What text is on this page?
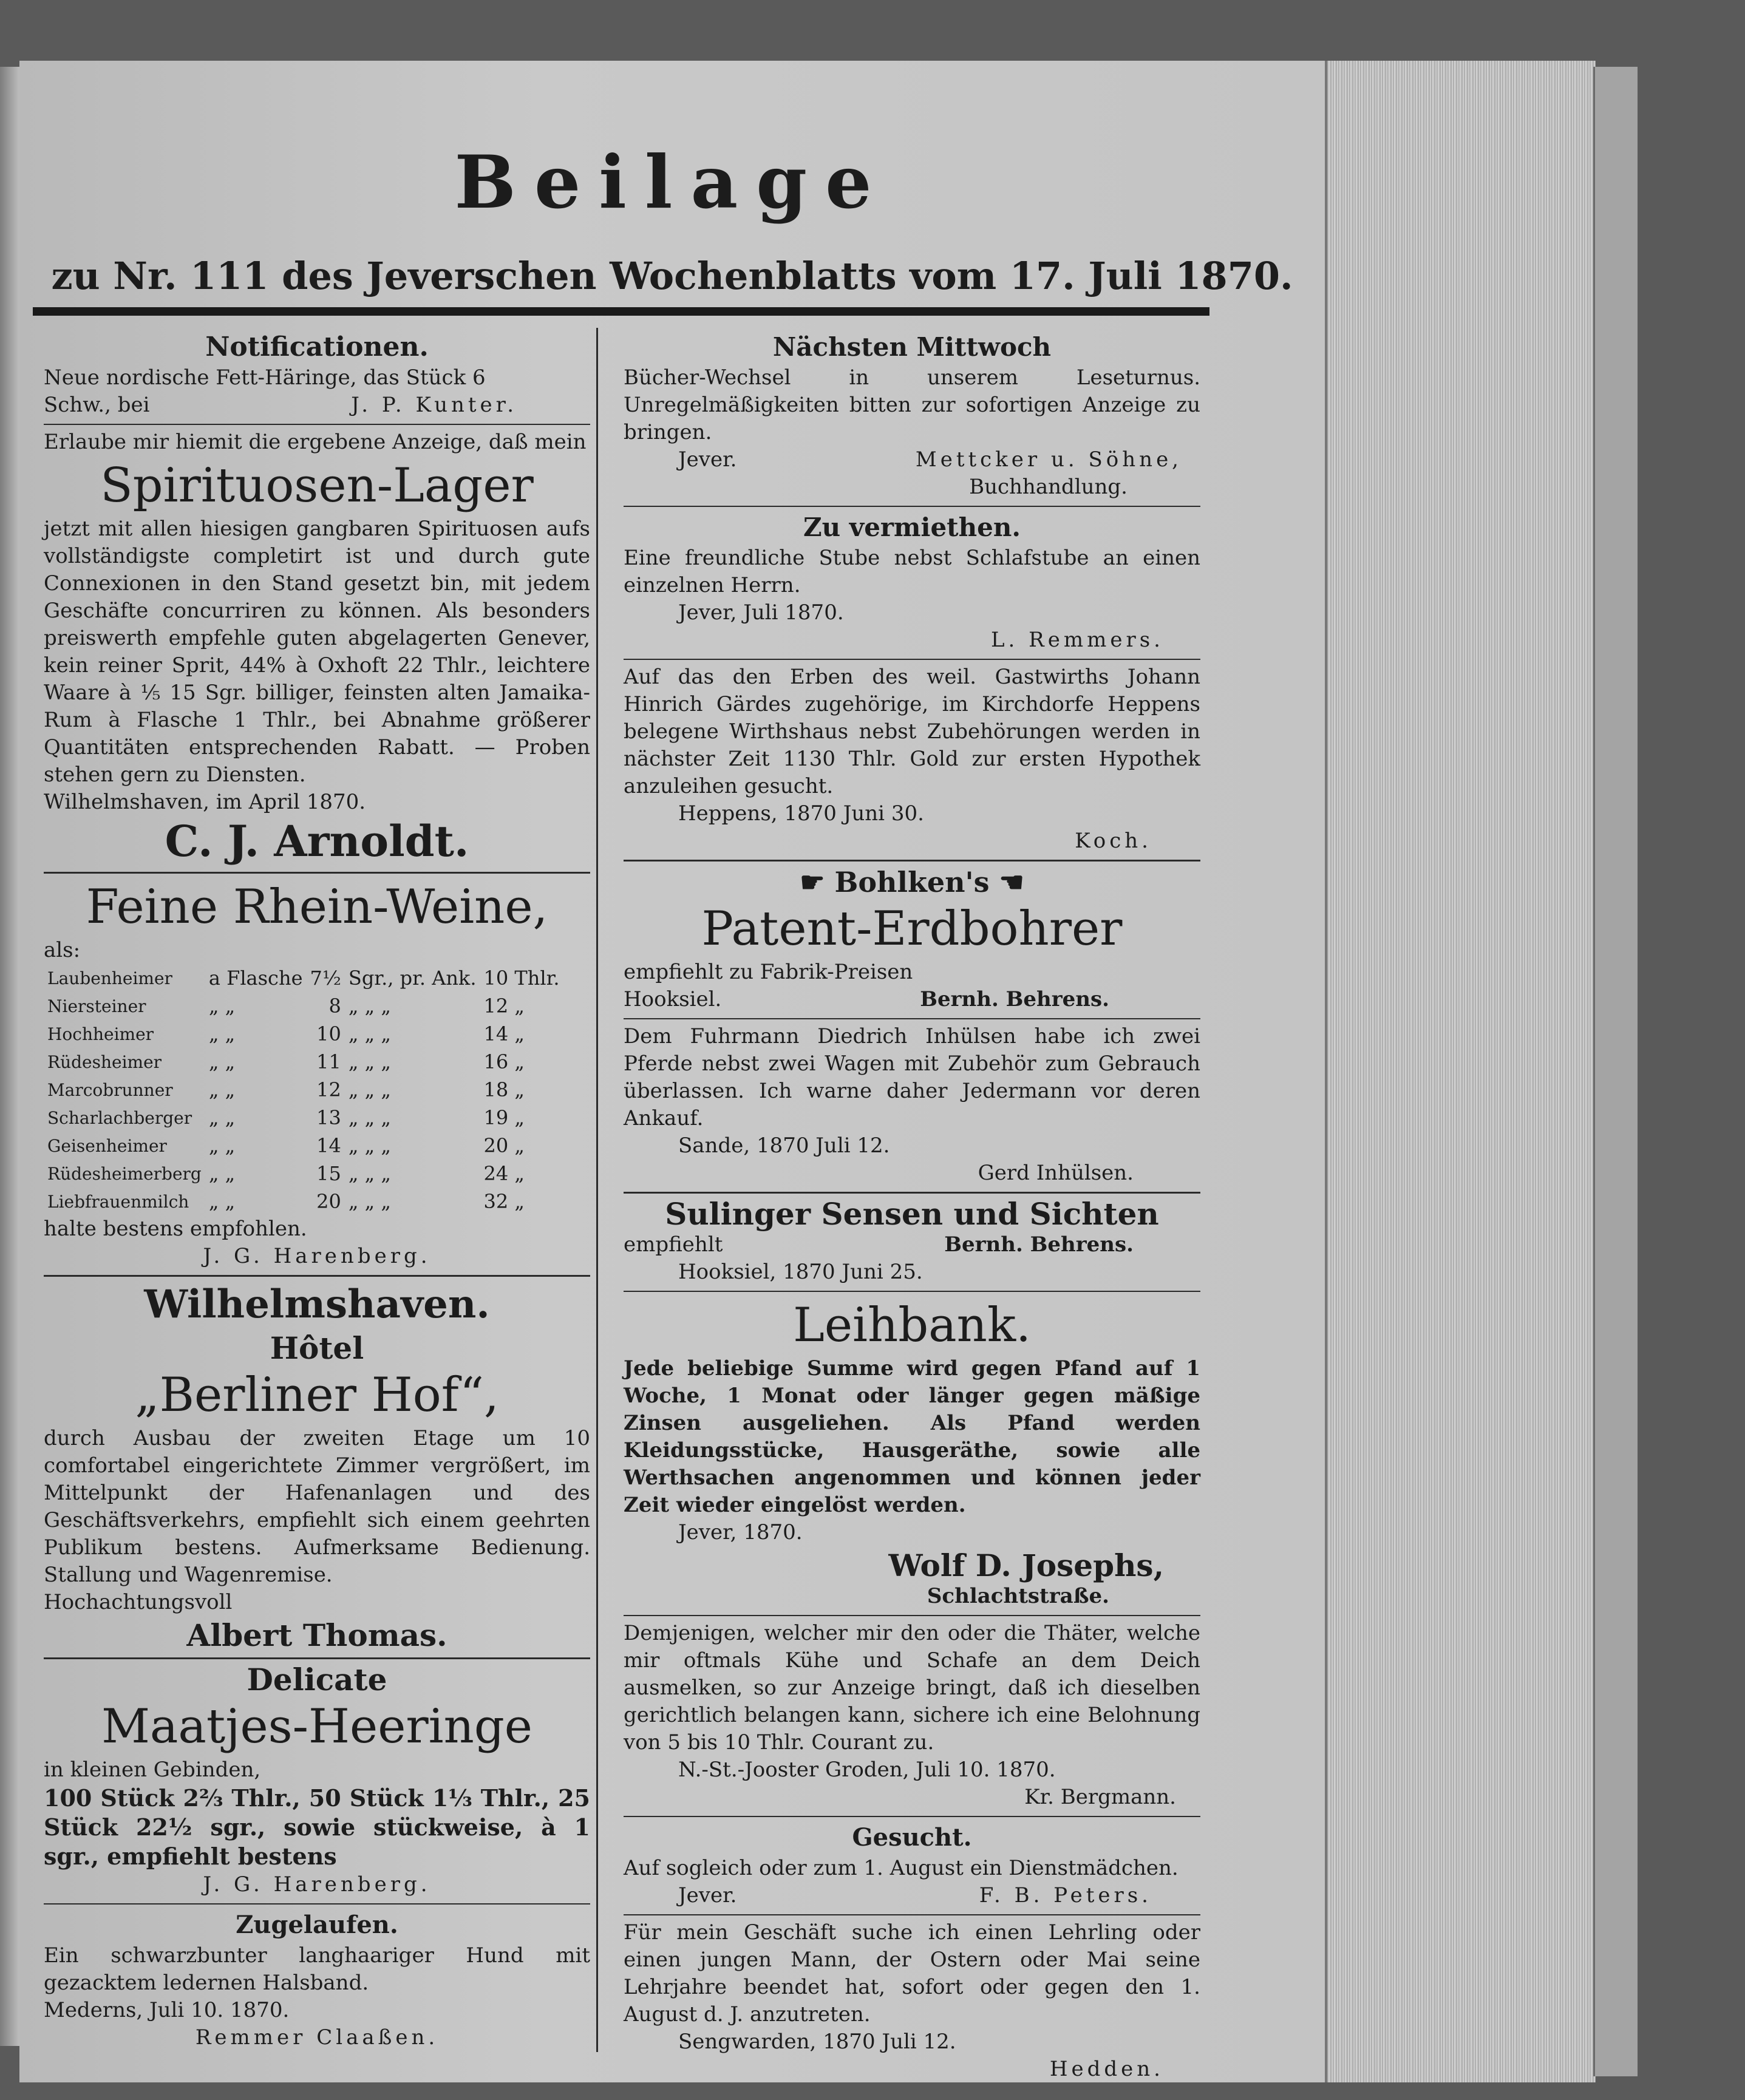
Beilage
zu Nr. 111 des Jeverschen Wochenblatts vom 17. Juli 1870.
Notificationen.
Neue nordische Fett-Häringe, das Stück 6
Schw., bei	J. P. Kunter.
Erlaube mir hiemit die ergebene Anzeige, daß mein
Spirituosen-Lager
jetzt mit allen hiesigen gangbaren Spirituosen aufs vollständigste completirt ist und durch gute Connexionen in den Stand gesetzt bin, mit jedem Geschäfte concurriren zu können. Als besonders preiswerth empfehle guten abgelagerten Genever, kein reiner Sprit, 44% à Oxhoft 22 Thlr., leichtere Waare à ⅕ 15 Sgr. billiger, feinsten alten Jamaika-Rum à Flasche 1 Thlr., bei Abnahme größerer Quantitäten entsprechenden Rabatt. — Proben stehen gern zu Diensten.
Wilhelmshaven, im April 1870.
C. J. Arnoldt.
Feine Rhein-Weine,
als:
Laubenheimer	a Flasche	7½	Sgr., pr. Ank.	10 Thlr.
Niersteiner	„ „	8	„ „ „	12 „
Hochheimer	„ „	10	„ „ „	14 „
Rüdesheimer	„ „	11	„ „ „	16 „
Marcobrunner	„ „	12	„ „ „	18 „
Scharlachberger	„ „	13	„ „ „	19 „
Geisenheimer	„ „	14	„ „ „	20 „
Rüdesheimerberg	„ „	15	„ „ „	24 „
Liebfrauenmilch	„ „	20	„ „ „	32 „
halte bestens empfohlen.
J. G. Harenberg.
Wilhelmshaven.
Hôtel
„Berliner Hof“,
durch Ausbau der zweiten Etage um 10 comfortabel eingerichtete Zimmer vergrößert, im Mittelpunkt der Hafenanlagen und des Geschäftsverkehrs, empfiehlt sich einem geehrten Publikum bestens. Aufmerksame Bedienung. Stallung und Wagenremise.
Hochachtungsvoll
Albert Thomas.
Delicate
Maatjes-Heeringe
in kleinen Gebinden,
100 Stück 2⅔ Thlr., 50 Stück 1⅓ Thlr., 25 Stück 22½ sgr., sowie stückweise, à 1 sgr., empfiehlt bestens
J. G. Harenberg.
Zugelaufen.
Ein schwarzbunter langhaariger Hund mit gezacktem ledernen Halsband.
Mederns, Juli 10. 1870.
Remmer Claaßen.
Nächsten Mittwoch
Bücher-Wechsel in unserem Leseturnus. Unregelmäßigkeiten bitten zur sofortigen Anzeige zu bringen.
Jever.	Mettcker u. Söhne,
Buchhandlung.
Zu vermiethen.
Eine freundliche Stube nebst Schlafstube an einen einzelnen Herrn.
Jever, Juli 1870.
L. Remmers.
Auf das den Erben des weil. Gastwirths Johann Hinrich Gärdes zugehörige, im Kirchdorfe Heppens belegene Wirthshaus nebst Zubehörungen werden in nächster Zeit 1130 Thlr. Gold zur ersten Hypothek anzuleihen gesucht.
Heppens, 1870 Juni 30.
Koch.
☛ Bohlken's ☚
Patent-Erdbohrer
empfiehlt zu Fabrik-Preisen
Hooksiel.	Bernh. Behrens.
Dem Fuhrmann Diedrich Inhülsen habe ich zwei Pferde nebst zwei Wagen mit Zubehör zum Gebrauch überlassen. Ich warne daher Jedermann vor deren Ankauf.
Sande, 1870 Juli 12.
Gerd Inhülsen.
Sulinger Sensen und Sichten
empfiehlt	Bernh. Behrens.
Hooksiel, 1870 Juni 25.
Leihbank.
Jede beliebige Summe wird gegen Pfand auf 1 Woche, 1 Monat oder länger gegen mäßige Zinsen ausgeliehen. Als Pfand werden Kleidungsstücke, Hausgeräthe, sowie alle Werthsachen angenommen und können jeder Zeit wieder eingelöst werden.
Jever, 1870.
Wolf D. Josephs,
Schlachtstraße.
Demjenigen, welcher mir den oder die Thäter, welche mir oftmals Kühe und Schafe an dem Deich ausmelken, so zur Anzeige bringt, daß ich dieselben gerichtlich belangen kann, sichere ich eine Belohnung von 5 bis 10 Thlr. Courant zu.
N.-St.-Jooster Groden, Juli 10. 1870.
Kr. Bergmann.
Gesucht.
Auf sogleich oder zum 1. August ein Dienstmädchen.
Jever.	F. B. Peters.
Für mein Geschäft suche ich einen Lehrling oder einen jungen Mann, der Ostern oder Mai seine Lehrjahre beendet hat, sofort oder gegen den 1. August d. J. anzutreten.
Sengwarden, 1870 Juli 12.
Hedden.
